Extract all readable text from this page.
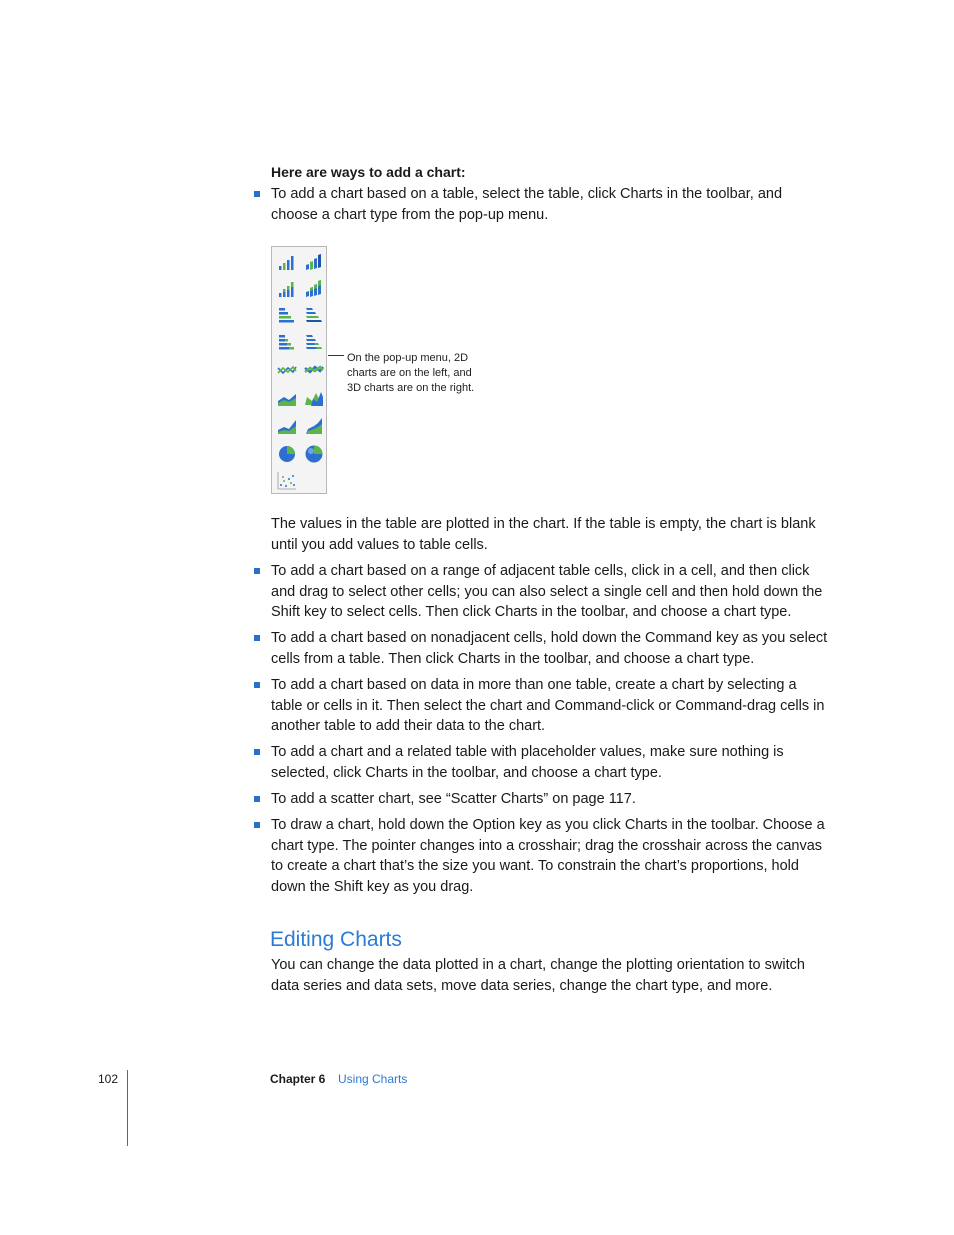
Here are ways to add a chart:
To add a chart based on a table, select the table, click Charts in the toolbar, and choose a chart type from the pop-up menu.
On the pop-up menu, 2D charts are on the left, and 3D charts are on the right.
The values in the table are plotted in the chart. If the table is empty, the chart is blank until you add values to table cells.
To add a chart based on a range of adjacent table cells, click in a cell, and then click and drag to select other cells; you can also select a single cell and then hold down the Shift key to select cells. Then click Charts in the toolbar, and choose a chart type.
To add a chart based on nonadjacent cells, hold down the Command key as you select cells from a table. Then click Charts in the toolbar, and choose a chart type.
To add a chart based on data in more than one table, create a chart by selecting a table or cells in it. Then select the chart and Command-click or Command-drag cells in another table to add their data to the chart.
To add a chart and a related table with placeholder values, make sure nothing is selected, click Charts in the toolbar, and choose a chart type.
To add a scatter chart, see “Scatter Charts” on page 117.
To draw a chart, hold down the Option key as you click Charts in the toolbar. Choose a chart type. The pointer changes into a crosshair; drag the crosshair across the canvas to create a chart that’s the size you want. To constrain the chart’s proportions, hold down the Shift key as you drag.
Editing Charts
You can change the data plotted in a chart, change the plotting orientation to switch data series and data sets, move data series, change the chart type, and more.
102	Chapter 6 Using Charts
